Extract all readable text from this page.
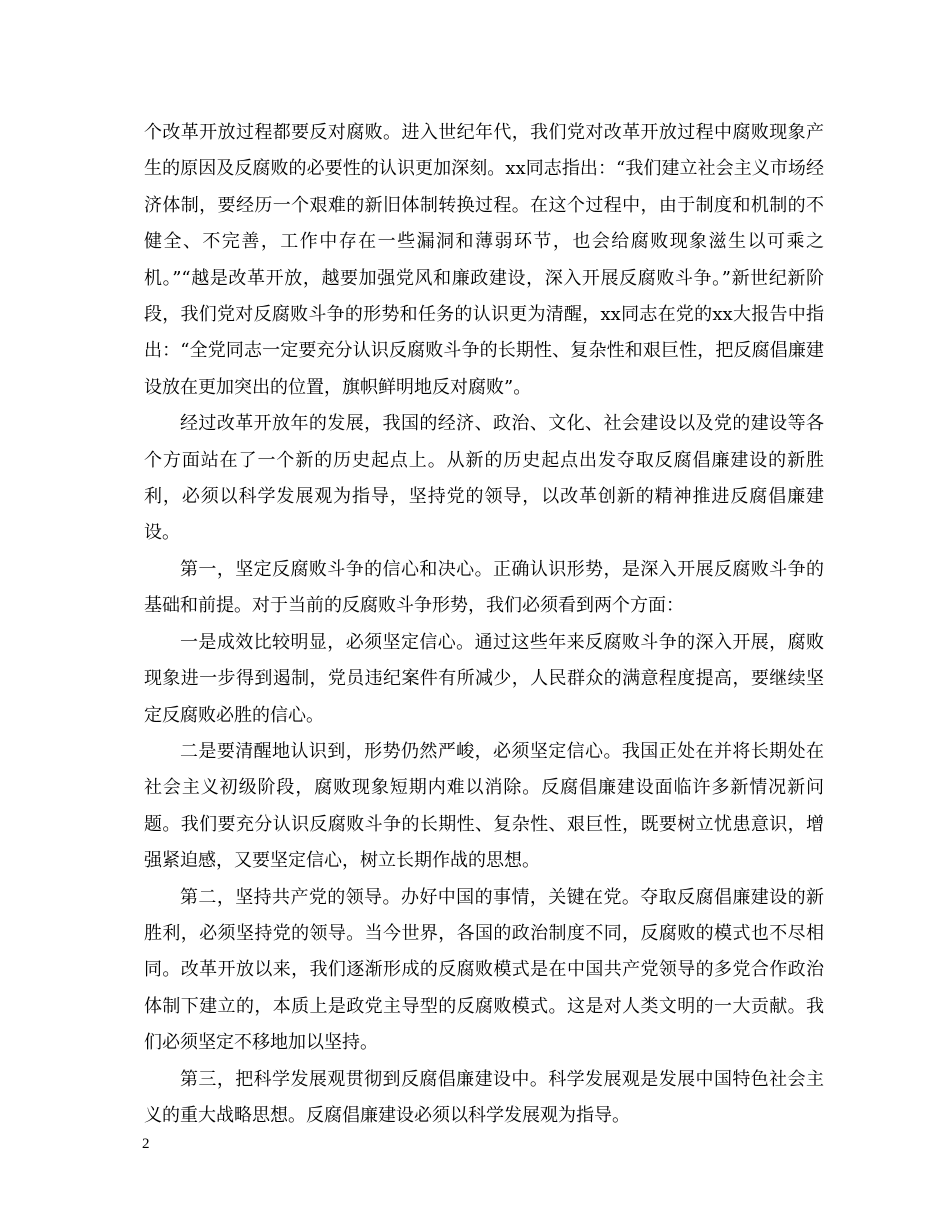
个改革开放过程都要反对腐败。进入世纪年代，我们党对改革开放过程中腐败现象产生的原因及反腐败的必要性的认识更加深刻。xx同志指出：“我们建立社会主义市场经济体制，要经历一个艰难的新旧体制转换过程。在这个过程中，由于制度和机制的不健全、不完善，工作中存在一些漏洞和薄弱环节，也会给腐败现象滋生以可乘之机。”“越是改革开放，越要加强党风和廉政建设，深入开展反腐败斗争。”新世纪新阶段，我们党对反腐败斗争的形势和任务的认识更为清醒，xx同志在党的xx大报告中指出：“全党同志一定要充分认识反腐败斗争的长期性、复杂性和艰巨性，把反腐倡廉建设放在更加突出的位置，旗帜鲜明地反对腐败”。

经过改革开放年的发展，我国的经济、政治、文化、社会建设以及党的建设等各个方面站在了一个新的历史起点上。从新的历史起点出发夺取反腐倡廉建设的新胜利，必须以科学发展观为指导，坚持党的领导，以改革创新的精神推进反腐倡廉建设。

第一，坚定反腐败斗争的信心和决心。正确认识形势，是深入开展反腐败斗争的基础和前提。对于当前的反腐败斗争形势，我们必须看到两个方面：

一是成效比较明显，必须坚定信心。通过这些年来反腐败斗争的深入开展，腐败现象进一步得到遏制，党员违纪案件有所减少，人民群众的满意程度提高，要继续坚定反腐败必胜的信心。

二是要清醒地认识到，形势仍然严峻，必须坚定信心。我国正处在并将长期处在社会主义初级阶段，腐败现象短期内难以消除。反腐倡廉建设面临许多新情况新问题。我们要充分认识反腐败斗争的长期性、复杂性、艰巨性，既要树立忧患意识，增强紧迫感，又要坚定信心，树立长期作战的思想。

第二，坚持共产党的领导。办好中国的事情，关键在党。夺取反腐倡廉建设的新胜利，必须坚持党的领导。当今世界，各国的政治制度不同，反腐败的模式也不尽相同。改革开放以来，我们逐渐形成的反腐败模式是在中国共产党领导的多党合作政治体制下建立的，本质上是政党主导型的反腐败模式。这是对人类文明的一大贡献。我们必须坚定不移地加以坚持。

第三，把科学发展观贯彻到反腐倡廉建设中。科学发展观是发展中国特色社会主义的重大战略思想。反腐倡廉建设必须以科学发展观为指导。

2
